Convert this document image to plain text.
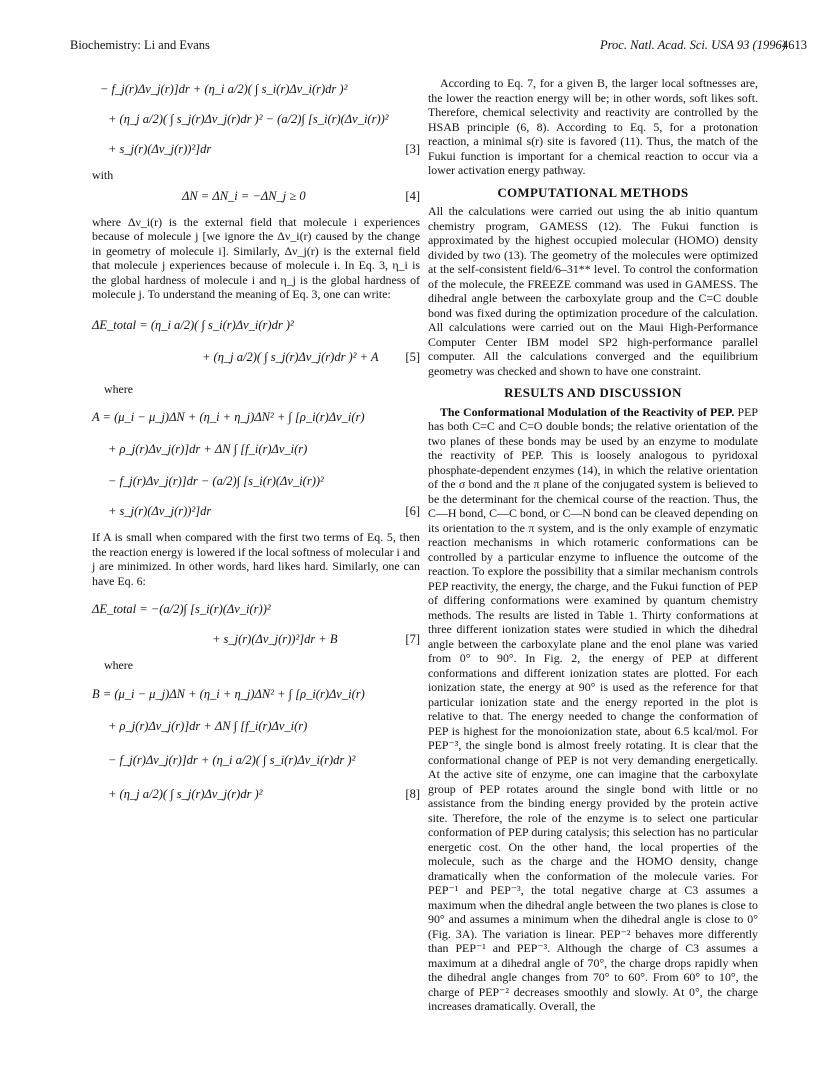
Biochemistry: Li and Evans	Proc. Natl. Acad. Sci. USA 93 (1996)
4613
− f_j(r)Δν_j(r)]dr + (η_i a/2)( ∫ s_i(r)Δν_i(r)dr )²
+ (η_j a/2)( ∫ s_j(r)Δν_j(r)dr )² − (a/2)∫ [s_i(r)(Δν_i(r))²
+ s_j(r)(Δν_j(r))²]dr	[3]

with

ΔN = ΔN_i = −ΔN_j ≥ 0	[4]

where Δν_i(r) is the external field that molecule i experiences because of molecule j [we ignore the Δν_i(r) caused by the change in geometry of molecule i]. Similarly, Δν_j(r) is the external field that molecule j experiences because of molecule i. In Eq. 3, η_i is the global hardness of molecule i and η_j is the global hardness of molecule j. To understand the meaning of Eq. 3, one can write:

ΔE_total = (η_i a/2)( ∫ s_i(r)Δν_i(r)dr )²
+ (η_j a/2)( ∫ s_j(r)Δν_j(r)dr )² + A [5]

where

A = (μ_i − μ_j)ΔN + (η_i + η_j)ΔN² + ∫ [ρ_i(r)Δν_i(r)
+ ρ_j(r)Δν_j(r)]dr + ΔN ∫ [f_i(r)Δν_i(r)
− f_j(r)Δν_j(r)]dr − (a/2)∫ [s_i(r)(Δν_i(r))²
+ s_j(r)(Δν_j(r))²]dr	[6]

If A is small when compared with the first two terms of Eq. 5, then the reaction energy is lowered if the local softness of molecular i and j are minimized. In other words, hard likes hard. Similarly, one can have Eq. 6:

ΔE_total = −(a/2)∫ [s_i(r)(Δν_i(r))²
+ s_j(r)(Δν_j(r))²]dr + B	[7]

where

B = (μ_i − μ_j)ΔN + (η_i + η_j)ΔN² + ∫ [ρ_i(r)Δν_i(r)
+ ρ_j(r)Δν_j(r)]dr + ΔN ∫ [f_i(r)Δν_i(r)
− f_j(r)Δν_j(r)]dr + (η_i a/2)( ∫ s_i(r)Δν_i(r)dr )²
+ (η_j a/2)( ∫ s_j(r)Δν_j(r)dr )²	[8]

According to Eq. 7, for a given B, the larger local softnesses are, the lower the reaction energy will be; in other words, soft likes soft. Therefore, chemical selectivity and reactivity are controlled by the HSAB principle (6, 8). According to Eq. 5, for a protonation reaction, a minimal s(r) site is favored (11). Thus, the match of the Fukui function is important for a chemical reaction to occur via a lower activation energy pathway.

COMPUTATIONAL METHODS

All the calculations were carried out using the ab initio quantum chemistry program, GAMESS (12). The Fukui function is approximated by the highest occupied molecular (HOMO) density divided by two (13). The geometry of the molecules were optimized at the self-consistent field/6–31** level. To control the conformation of the molecule, the FREEZE command was used in GAMESS. The dihedral angle between the carboxylate group and the C=C double bond was fixed during the optimization procedure of the calculation. All calculations were carried out on the Maui High-Performance Computer Center IBM model SP2 high-performance parallel computer. All the calculations converged and the equilibrium geometry was checked and shown to have one constraint.

RESULTS AND DISCUSSION

The Conformational Modulation of the Reactivity of PEP. PEP has both C=C and C=O double bonds; the relative orientation of the two planes of these bonds may be used by an enzyme to modulate the reactivity of PEP. This is loosely analogous to pyridoxal phosphate-dependent enzymes (14), in which the relative orientation of the σ bond and the π plane of the conjugated system is believed to be the determinant for the chemical course of the reaction. Thus, the C—H bond, C—C bond, or C—N bond can be cleaved depending on its orientation to the π system, and is the only example of enzymatic reaction mechanisms in which rotameric conformations can be controlled by a particular enzyme to influence the outcome of the reaction. To explore the possibility that a similar mechanism controls PEP reactivity, the energy, the charge, and the Fukui function of PEP of differing conformations were examined by quantum chemistry methods. The results are listed in Table 1. Thirty conformations at three different ionization states were studied in which the dihedral angle between the carboxylate plane and the enol plane was varied from 0° to 90°. In Fig. 2, the energy of PEP at different conformations and different ionization states are plotted. For each ionization state, the energy at 90° is used as the reference for that particular ionization state and the energy reported in the plot is relative to that. The energy needed to change the conformation of PEP is highest for the monoionization state, about 6.5 kcal/mol. For PEP⁻³, the single bond is almost freely rotating. It is clear that the conformational change of PEP is not very demanding energetically. At the active site of enzyme, one can imagine that the carboxylate group of PEP rotates around the single bond with little or no assistance from the binding energy provided by the protein active site. Therefore, the role of the enzyme is to select one particular conformation of PEP during catalysis; this selection has no particular energetic cost. On the other hand, the local properties of the molecule, such as the charge and the HOMO density, change dramatically when the conformation of the molecule varies. For PEP⁻¹ and PEP⁻³, the total negative charge at C3 assumes a maximum when the dihedral angle between the two planes is close to 90° and assumes a minimum when the dihedral angle is close to 0° (Fig. 3A). The variation is linear. PEP⁻² behaves more differently than PEP⁻¹ and PEP⁻³. Although the charge of C3 assumes a maximum at a dihedral angle of 70°, the charge drops rapidly when the dihedral angle changes from 70° to 60°. From 60° to 10°, the charge of PEP⁻² decreases smoothly and slowly. At 0°, the charge increases dramatically. Overall, the
